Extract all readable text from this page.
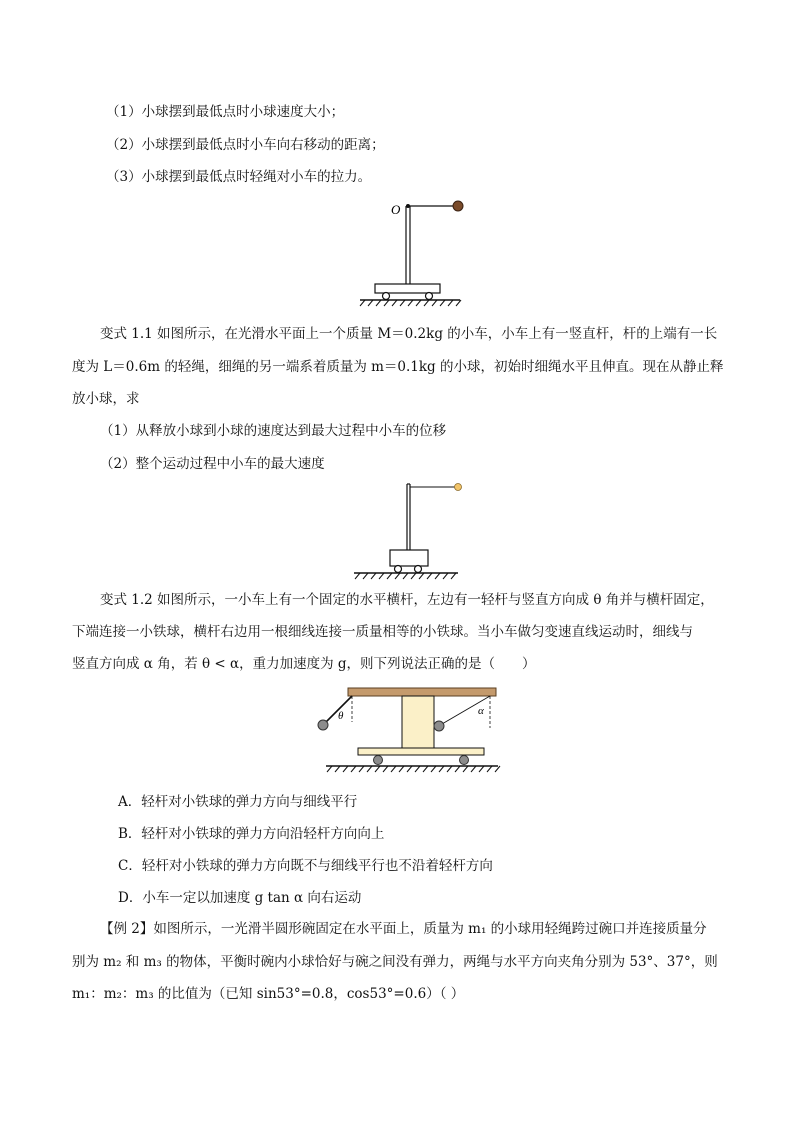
（1）小球摆到最低点时小球速度大小；
（2）小球摆到最低点时小车向右移动的距离；
（3）小球摆到最低点时轻绳对小车的拉力。
O
变式 1.1 如图所示，在光滑水平面上一个质量 M＝0.2kg 的小车，小车上有一竖直杆，杆的上端有一长
度为 L＝0.6m 的轻绳，细绳的另一端系着质量为 m＝0.1kg 的小球，初始时细绳水平且伸直。现在从静止释
放小球，求
（1）从释放小球到小球的速度达到最大过程中小车的位移
（2）整个运动过程中小车的最大速度
变式 1.2 如图所示，一小车上有一个固定的水平横杆，左边有一轻杆与竖直方向成 θ 角并与横杆固定，
下端连接一小铁球，横杆右边用一根细线连接一质量相等的小铁球。当小车做匀变速直线运动时，细线与
竖直方向成 α 角，若 θ < α，重力加速度为 g，则下列说法正确的是（　　）
θ	α
A．轻杆对小铁球的弹力方向与细线平行
B．轻杆对小铁球的弹力方向沿轻杆方向向上
C．轻杆对小铁球的弹力方向既不与细线平行也不沿着轻杆方向
D．小车一定以加速度 g tan α 向右运动
【例 2】如图所示，一光滑半圆形碗固定在水平面上，质量为 m₁ 的小球用轻绳跨过碗口并连接质量分
别为 m₂ 和 m₃ 的物体，平衡时碗内小球恰好与碗之间没有弹力，两绳与水平方向夹角分别为 53°、37°，则
m₁：m₂：m₃ 的比值为（已知 sin53°=0.8，cos53°=0.6）（ ）
